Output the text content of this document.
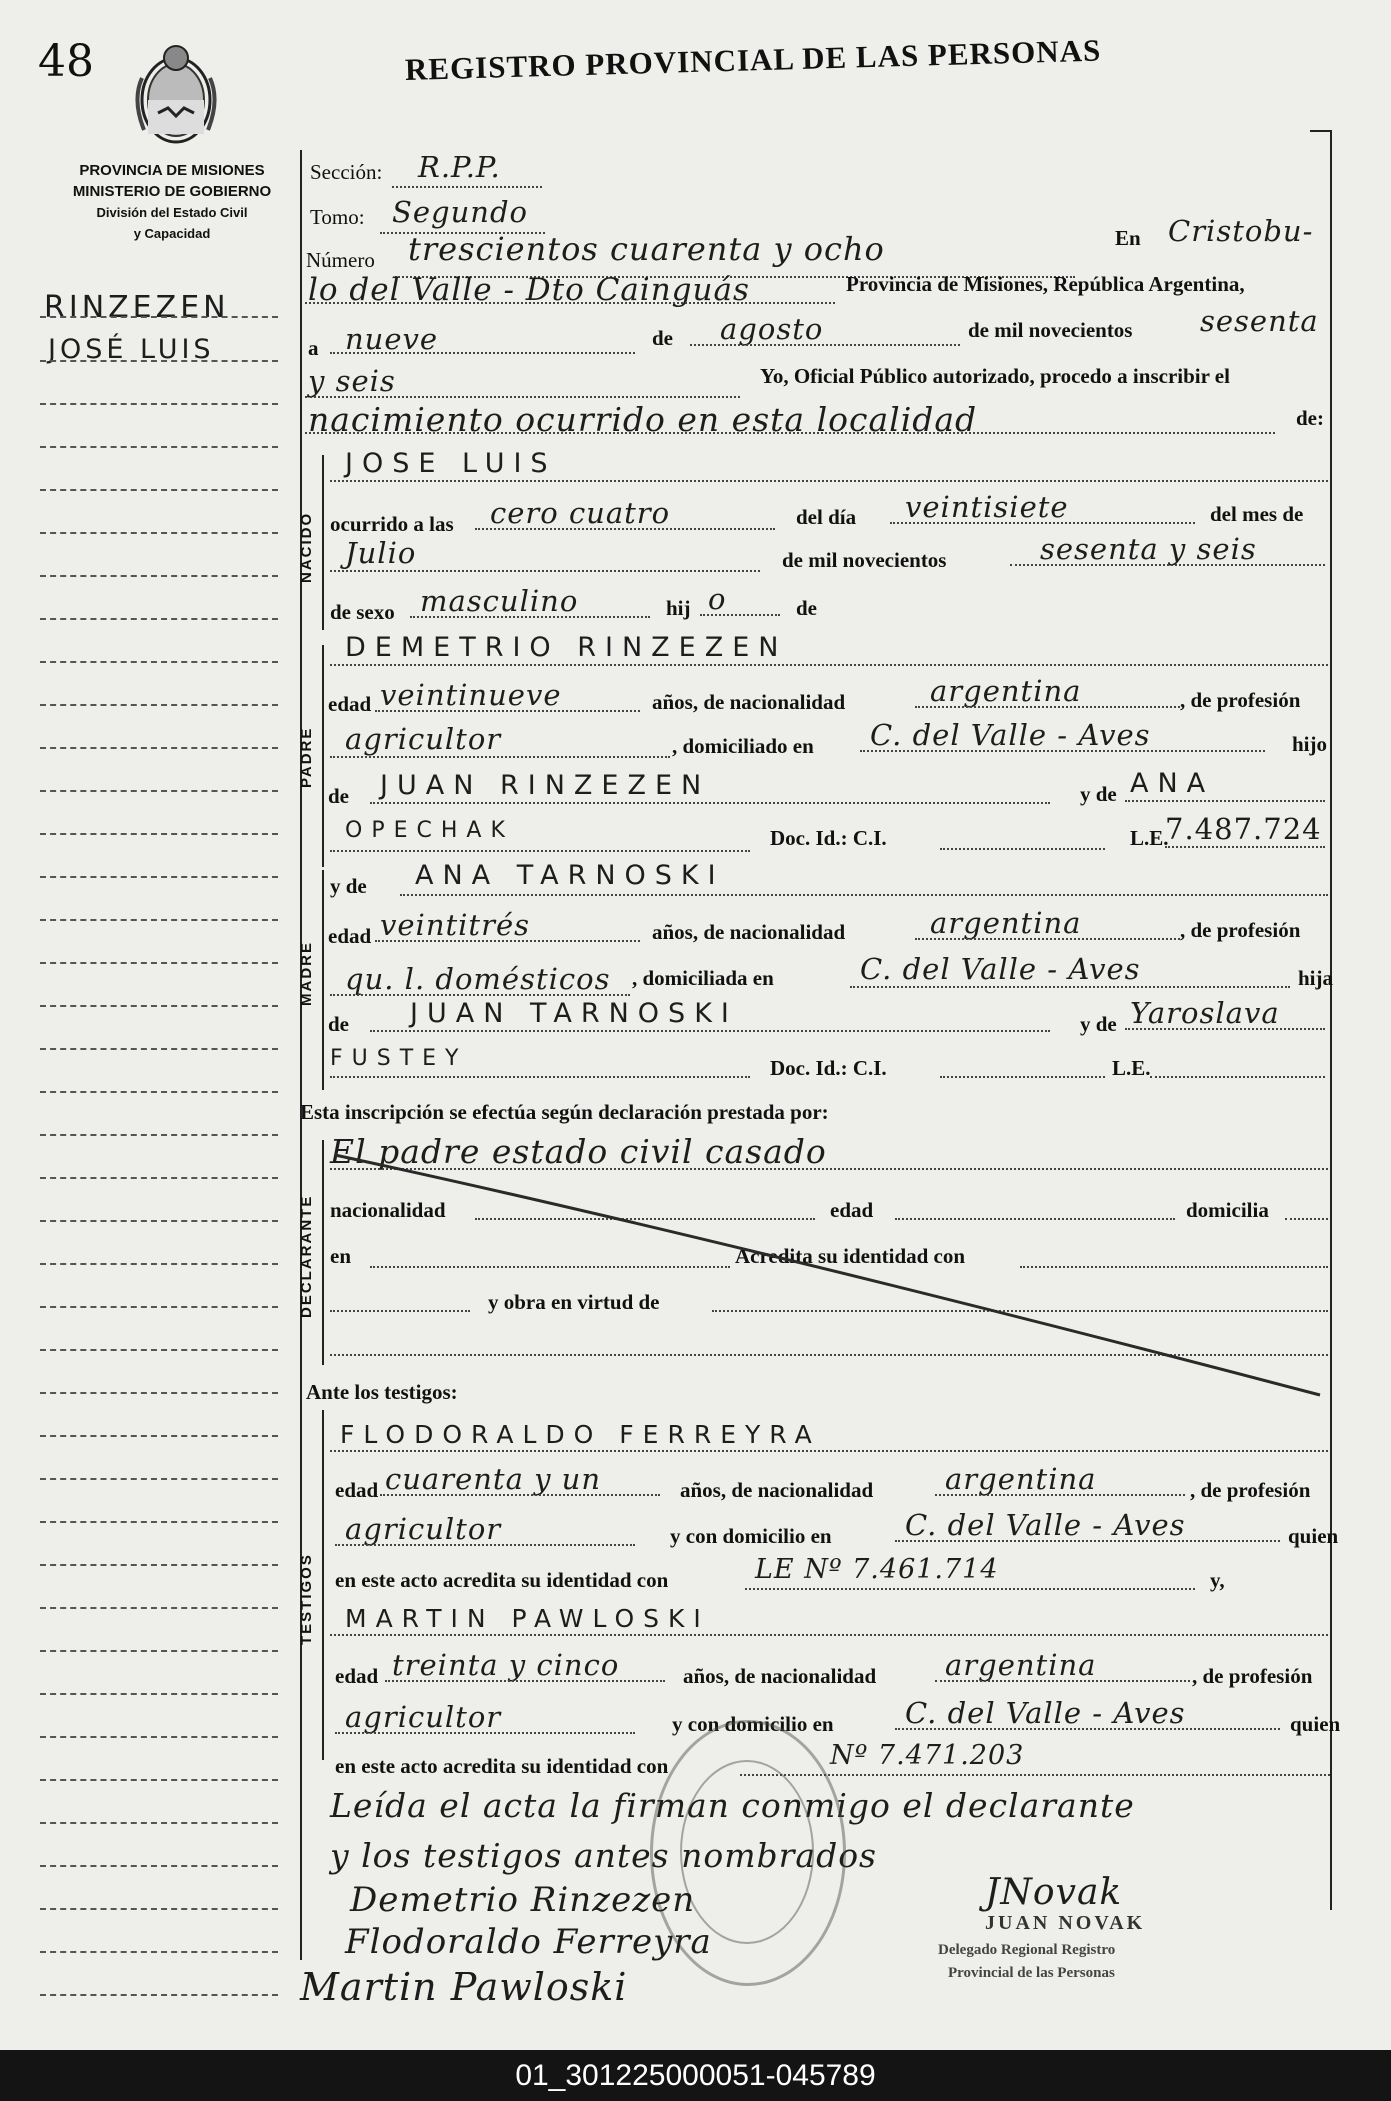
48	REGISTRO PROVINCIAL DE LAS PERSONAS
PROVINCIA DE MISIONES
MINISTERIO DE GOBIERNO
División del Estado Civil
y Capacidad
RINZEZEN
JOSÉ LUIS
NACIDO
PADRE
MADRE
DECLARANTE
TESTIGOS
Sección: R.P.P.
Tomo: Segundo
Número trescientos cuarenta y ocho	En Cristobu-
lo del Valle - Dto Cainguás	Provincia de Misiones, República Argentina,
a nueve	de agosto	de mil novecientos sesenta
y seis	Yo, Oficial Público autorizado, procedo a inscribir el
nacimiento ocurrido en esta localidad	de:
JOSE LUIS
ocurrido a las cero cuatro	del día veintisiete	del mes de
Julio	de mil novecientos	sesenta y seis
de sexo masculino	hij o	de
DEMETRIO RINZEZEN
edad veintinueve	años, de nacionalidad	argentina	, de profesión
agricultor	, domiciliado en C. del Valle - Aves	hijo
de JUAN RINZEZEN	y de ANA
OPECHAK	Doc. Id.: C.I.	L.E.
7.487.724
y de ANA TARNOSKI
edad veintitrés	años, de nacionalidad	argentina	, de profesión
qu. l. domésticos , domiciliada en	C. del Valle - Aves	hija
de JUAN TARNOSKI	y de Yaroslava
FUSTEY	Doc. Id.: C.I.	L.E.
Esta inscripción se efectúa según declaración prestada por:
El padre estado civil casado
nacionalidad	edad	domicilia
en	Acredita su identidad con
y obra en virtud de
Ante los testigos:
FLODORALDO FERREYRA
edad cuarenta y un	años, de nacionalidad argentina	, de profesión
agricultor	y con domicilio en	C. del Valle - Aves	quien
en este acto acredita su identidad con	LE Nº 7.461.714	y,
MARTIN PAWLOSKI
edad treinta y cinco	años, de nacionalidad argentina	, de profesión
agricultor	y con domicilio en C. del Valle - Aves	quien
en este acto acredita su identidad con	Nº 7.471.203
Leída el acta la firman conmigo el declarante
y los testigos antes nombrados
Demetrio Rinzezen
Flodoraldo Ferreyra
Martin Pawloski
JNovak
JUAN NOVAK
Delegado Regional Registro
Provincial de las Personas
01_301225000051-045789
